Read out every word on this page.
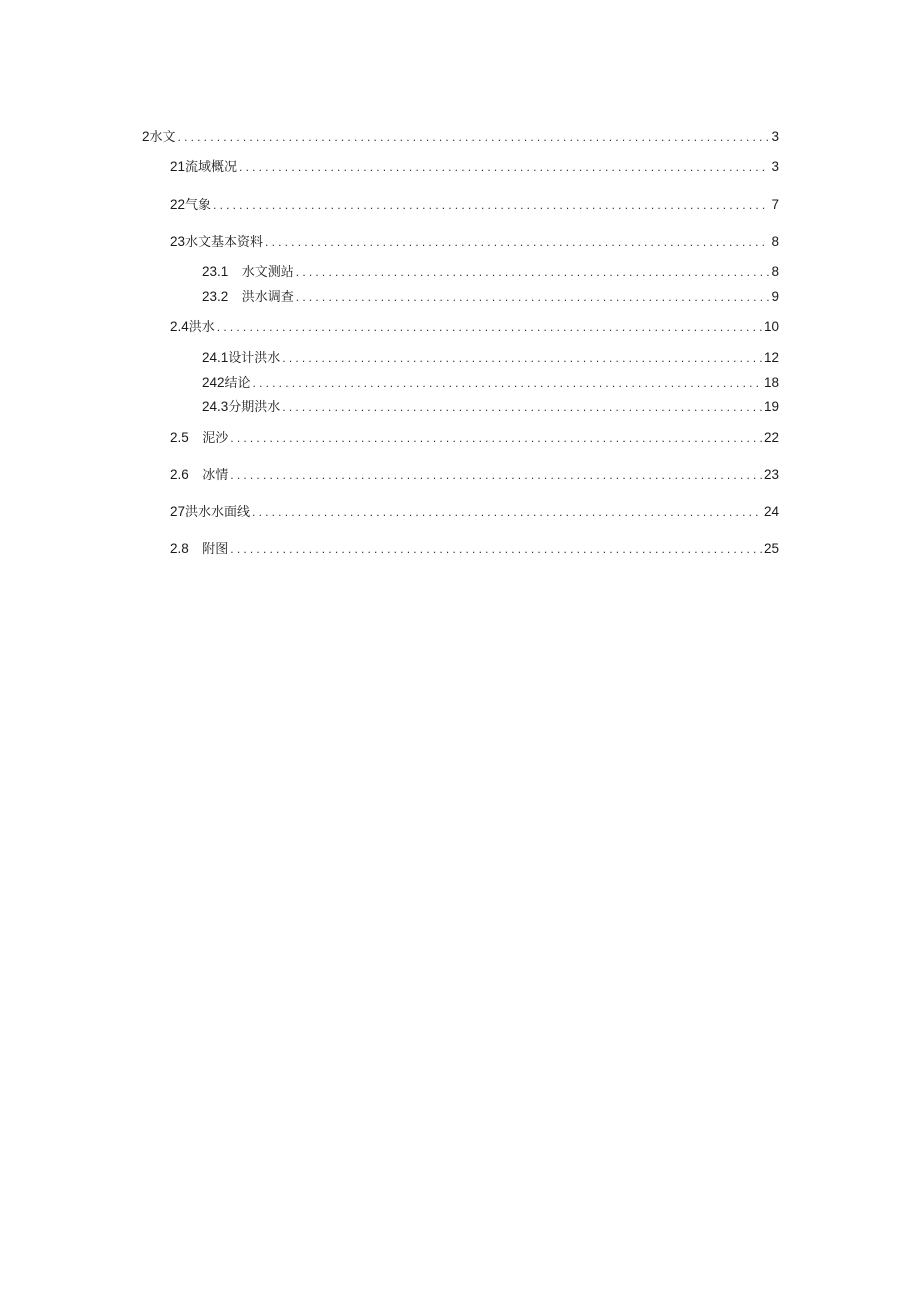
2 水文 .....	3
21 流域概况 .....	3
22 气象 .....	7
23 水文基本资料 .....	8
23.1　 水文测站 .....	8
23.2　 洪水调查 .....	9
2.4 洪水 .....	10
24.1 设计洪水 .....	12
242 结论 .....	18
24.3 分期洪水 .....	19
2.5　 泥沙 .....	22
2.6　 冰情 .....	23
27 洪水水面线 .....	24
2.8　 附图 .....	25
